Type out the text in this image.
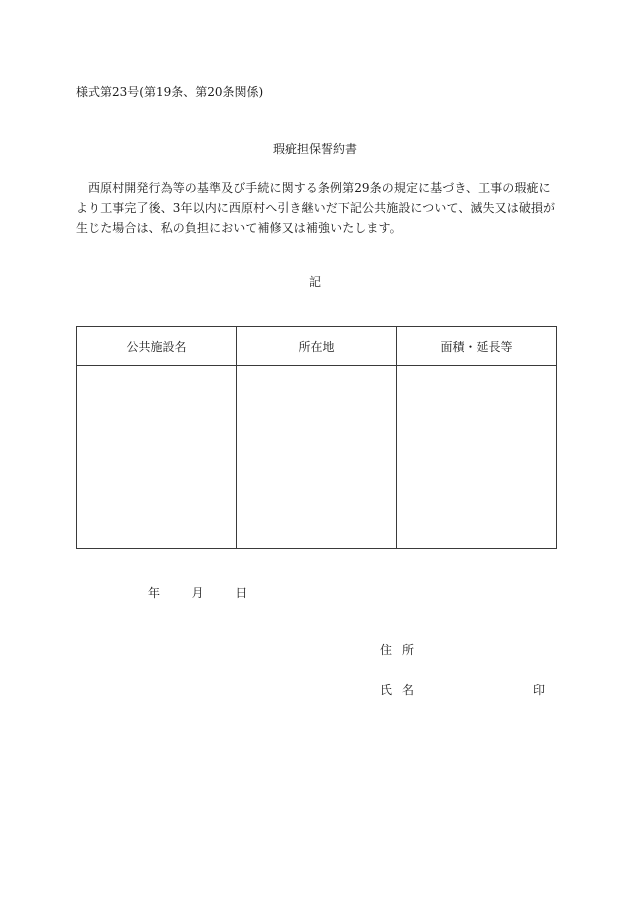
様式第23号(第19条、第20条関係)
瑕疵担保誓約書
西原村開発行為等の基準及び手続に関する条例第29条の規定に基づき、工事の瑕疵により工事完了後、3年以内に西原村へ引き継いだ下記公共施設について、滅失又は破損が生じた場合は、私の負担において補修又は補強いたします。
記
公共施設名	所在地	面積・延長等

年	月	日
住所
氏名	印
